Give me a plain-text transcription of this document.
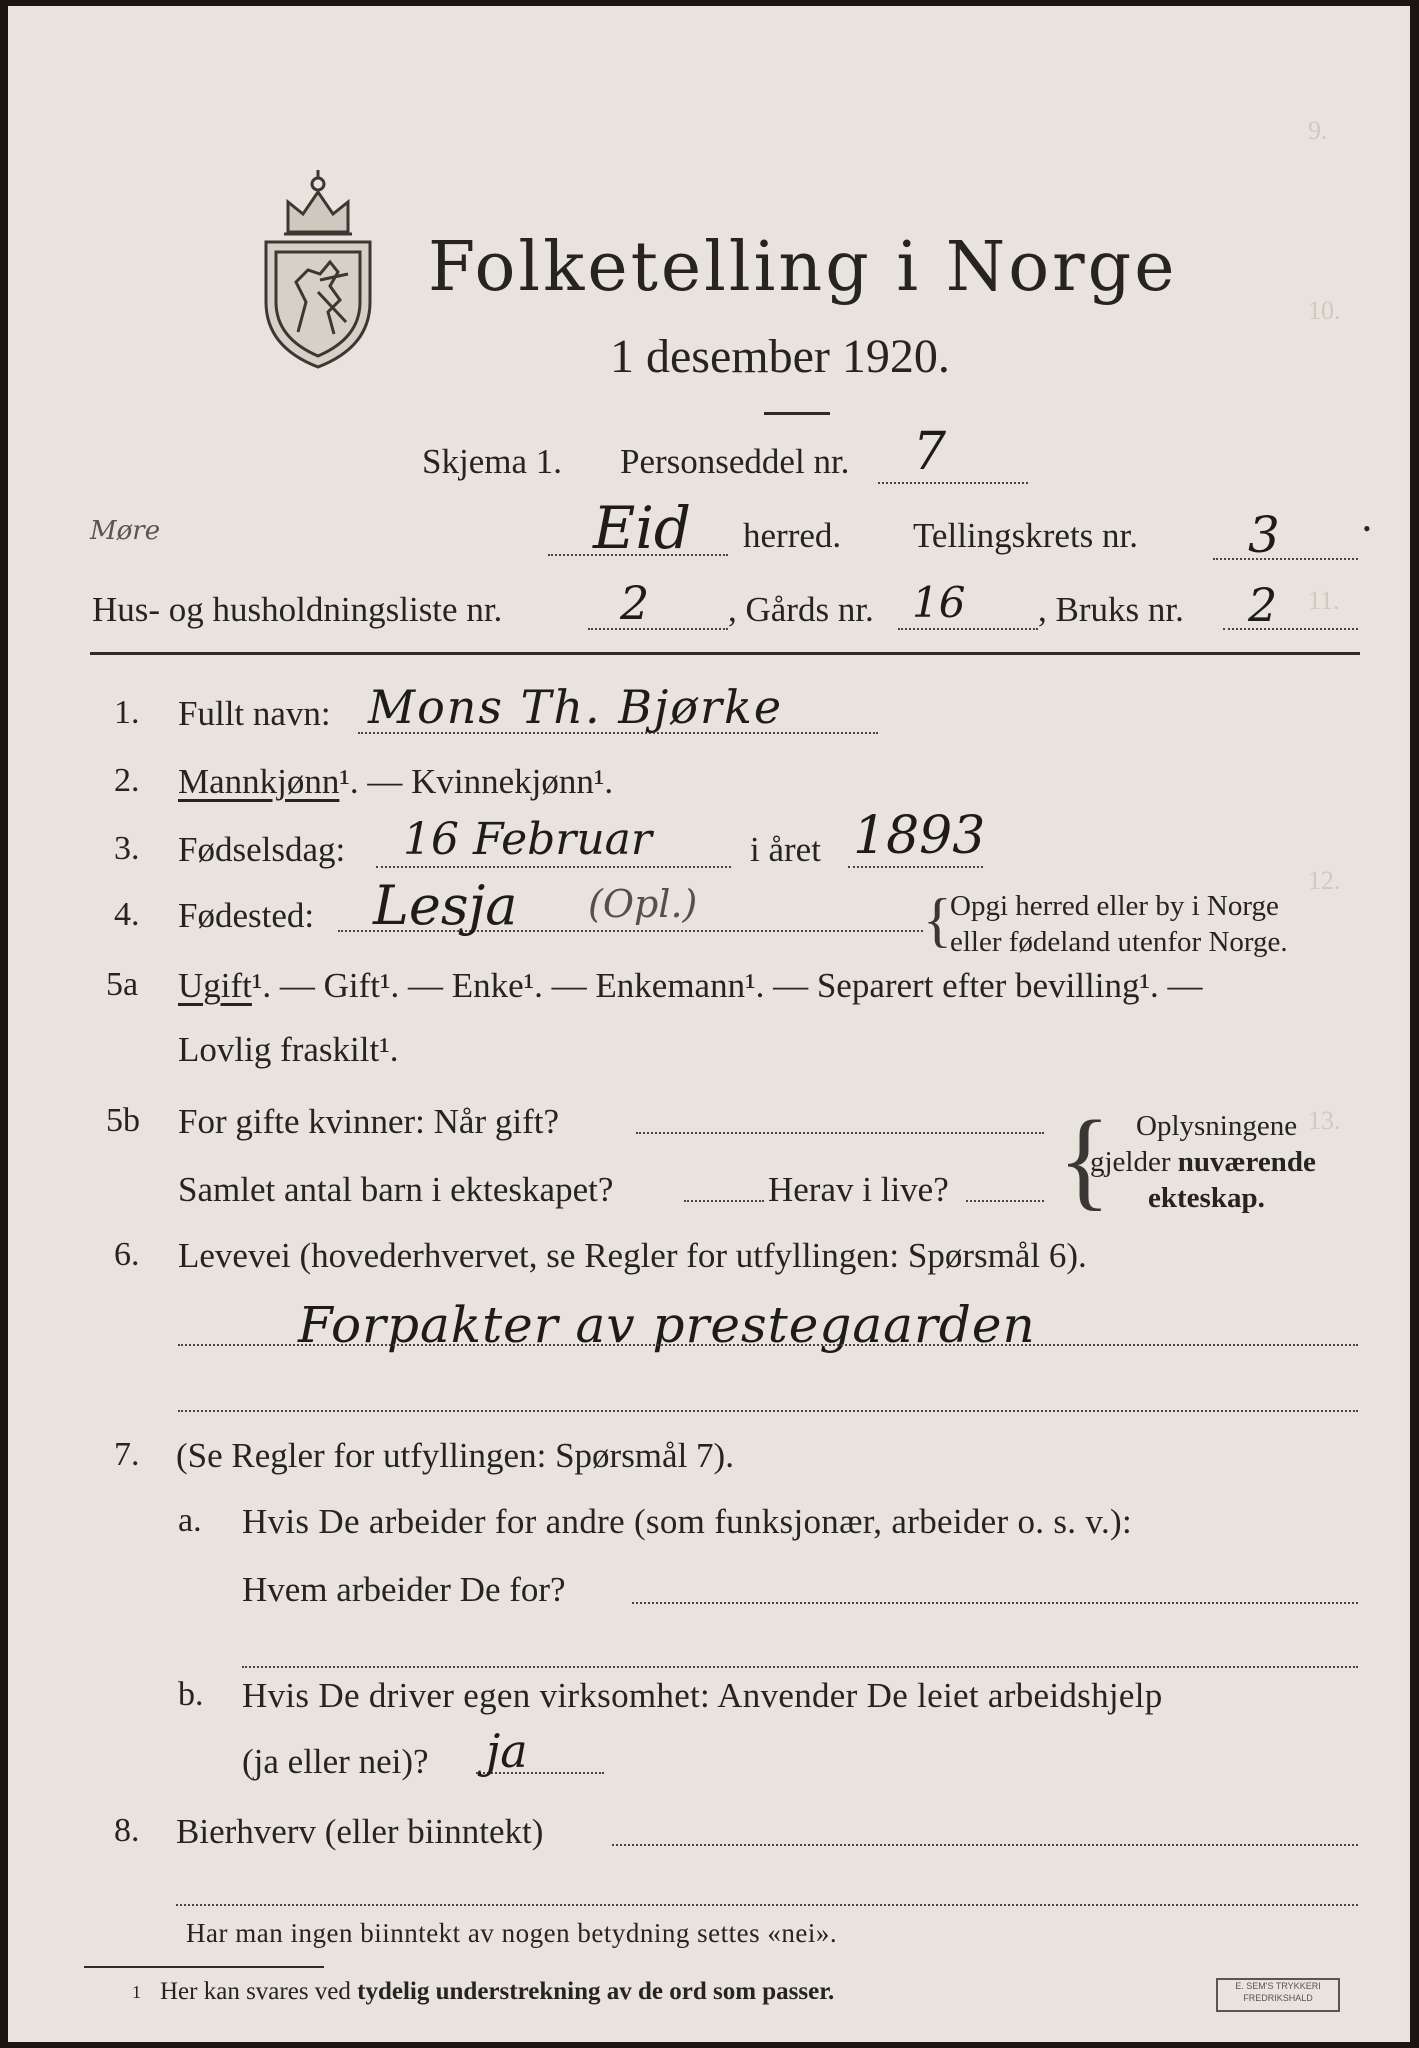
9.
10.
11.
12.
13.
Folketelling i Norge
1 desember 1920.
Skjema 1. Personseddel nr. 7
Møre	Eid herred. Tellingskrets nr. 3	•
Hus- og husholdningsliste nr.	2 , Gårds nr. 16 , Bruks nr. 2
1. Fullt navn: Mons Th. Bjørke
2. Mannkjønn¹. — Kvinnekjønn¹.
3. Fødselsdag: 16 Februar	i året 1893
4. Fødested: Lesja (Opl.)	{
Opgi herred eller by i Norge
eller fødeland utenfor Norge.
5a Ugift¹. — Gift¹. — Enke¹. — Enkemann¹. — Separert efter bevilling¹. —
Lovlig fraskilt¹.
5b For gifte kvinner: Når gift?
Samlet antal barn i ekteskapet?	Herav i live? { Oplysningene
gjelder nuværende
ekteskap.
6. Levevei (hovederhvervet, se Regler for utfyllingen: Spørsmål 6).
Forpakter av prestegaarden
7. (Se Regler for utfyllingen: Spørsmål 7).
a. Hvis De arbeider for andre (som funksjonær, arbeider o. s. v.):
Hvem arbeider De for?
b. Hvis De driver egen virksomhet: Anvender De leiet arbeidshjelp
(ja eller nei)? ja
8. Bierhverv (eller biinntekt)
Har man ingen biinntekt av nogen betydning settes «nei».
1 Her kan svares ved tydelig understrekning av de ord som passer.	E. SEM'S TRYKKERI
FREDRIKSHALD
